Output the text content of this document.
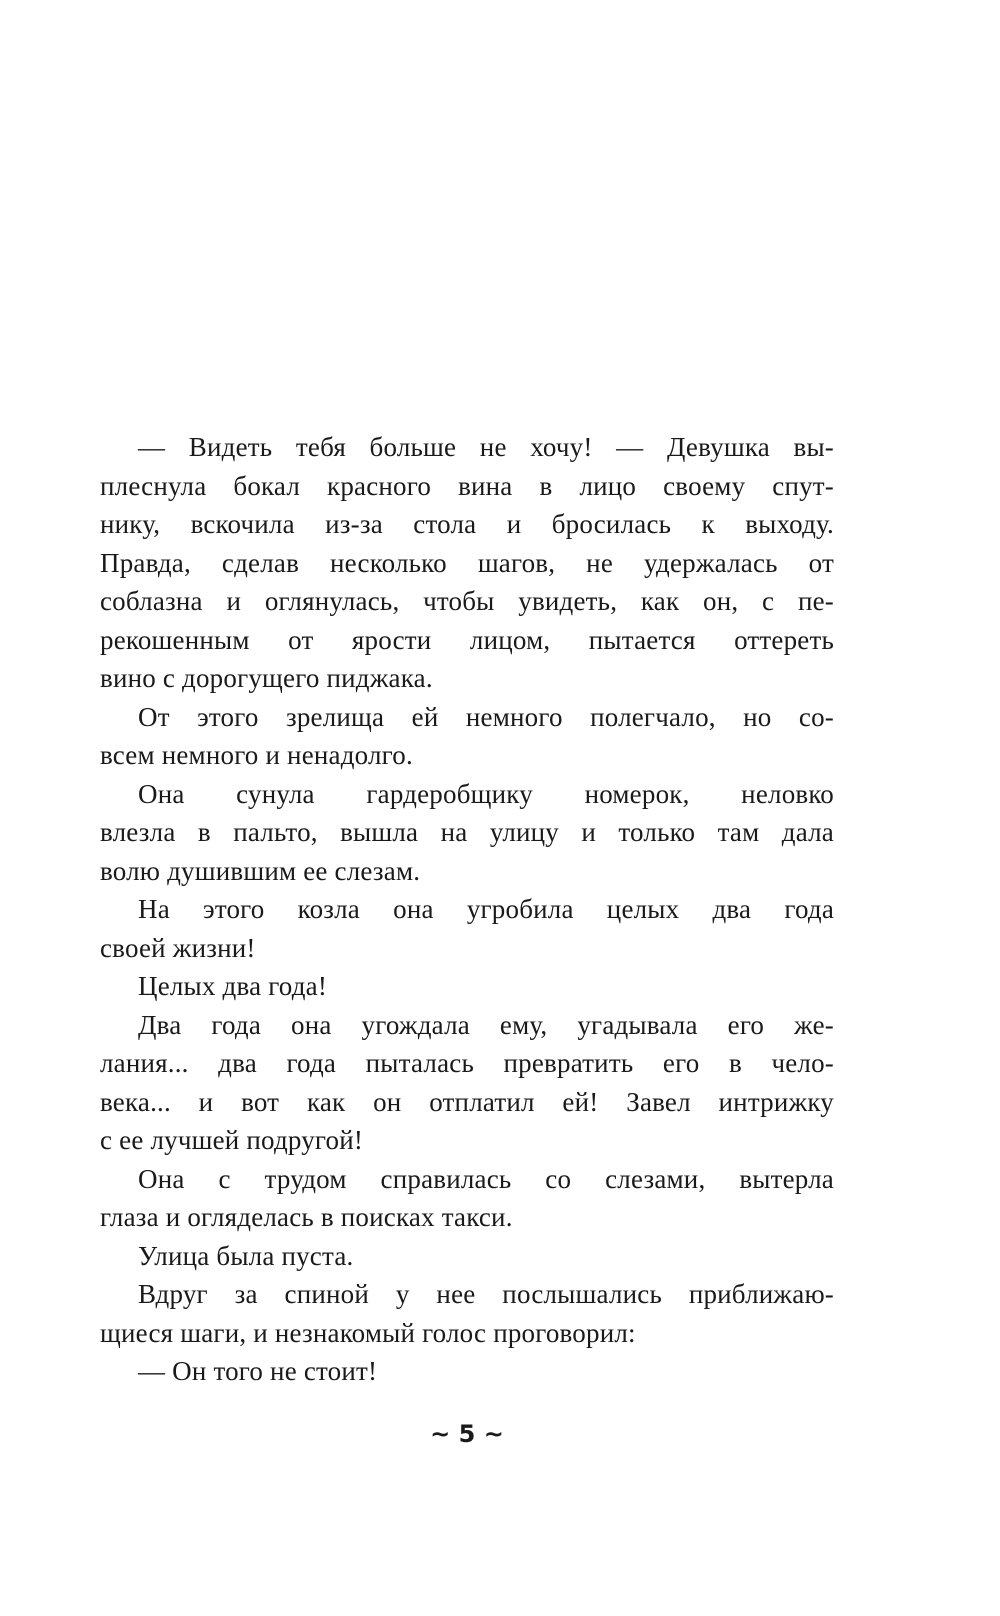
— Видеть тебя больше не хочу! — Девушка вы-
плеснула бокал красного вина в лицо своему спут-
нику, вскочила из-за стола и бросилась к выходу.
Правда, сделав несколько шагов, не удержалась от
соблазна и оглянулась, чтобы увидеть, как он, с пе-
рекошенным от ярости лицом, пытается оттереть
вино с дорогущего пиджака.
От этого зрелища ей немного полегчало, но со-
всем немного и ненадолго.
Она сунула гардеробщику номерок, неловко
влезла в пальто, вышла на улицу и только там дала
волю душившим ее слезам.
На этого козла она угробила целых два года
своей жизни!
Целых два года!
Два года она угождала ему, угадывала его же-
лания... два года пыталась превратить его в чело-
века... и вот как он отплатил ей! Завел интрижку
с ее лучшей подругой!
Она с трудом справилась со слезами, вытерла
глаза и огляделась в поисках такси.
Улица была пуста.
Вдруг за спиной у нее послышались приближаю-
щиеся шаги, и незнакомый голос проговорил:
— Он того не стоит!
~ 5 ~
